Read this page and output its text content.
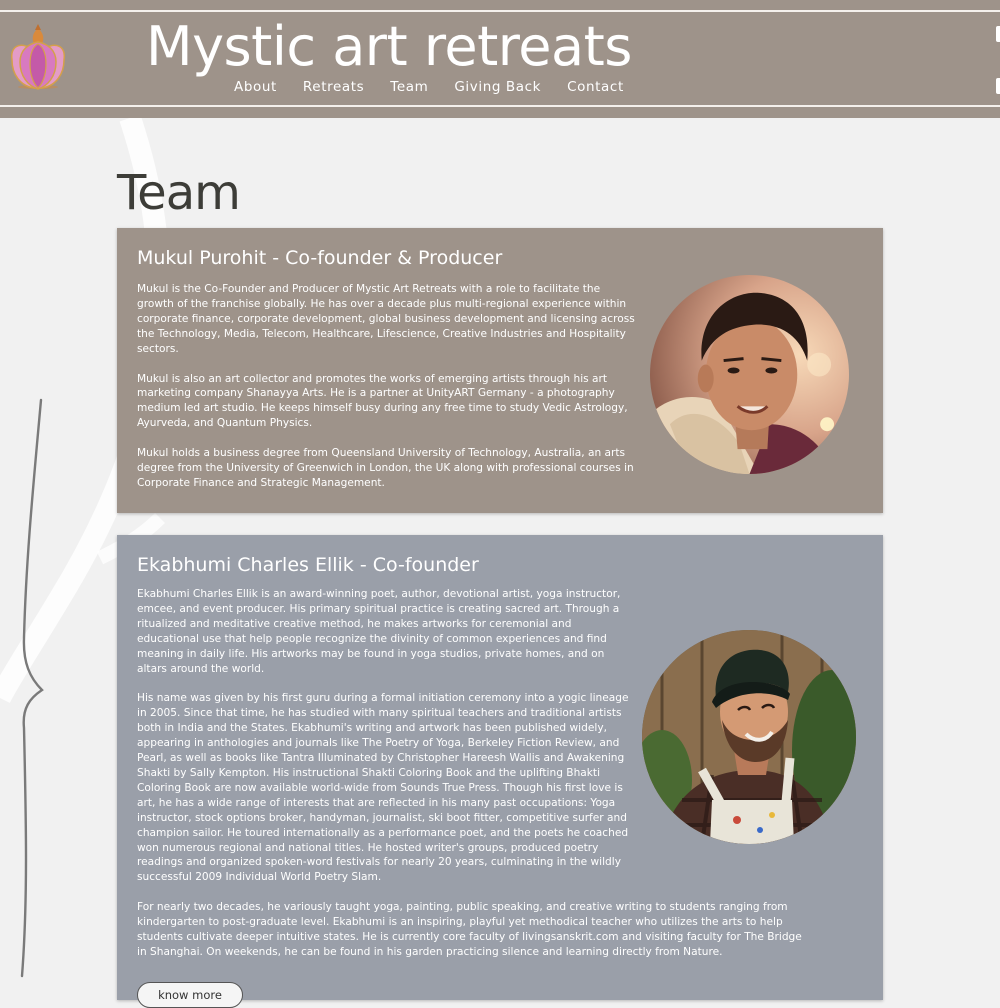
Mystic art retreats
About Retreats Team Giving Back Contact
Team
Mukul Purohit - Co-founder & Producer

Mukul is the Co-Founder and Producer of Mystic Art Retreats with a role to facilitate the growth of the franchise globally. He has over a decade plus multi-regional experience within corporate finance, corporate development, global business development and licensing across the Technology, Media, Telecom, Healthcare, Lifescience, Creative Industries and Hospitality sectors.

Mukul is also an art collector and promotes the works of emerging artists through his art marketing company Shanayya Arts. He is a partner at UnityART Germany - a photography medium led art studio. He keeps himself busy during any free time to study Vedic Astrology, Ayurveda, and Quantum Physics.

Mukul holds a business degree from Queensland University of Technology, Australia, an arts degree from the University of Greenwich in London, the UK along with professional courses in Corporate Finance and Strategic Management.

Ekabhumi Charles Ellik - Co-founder

Ekabhumi Charles Ellik is an award-winning poet, author, devotional artist, yoga instructor, emcee, and event producer. His primary spiritual practice is creating sacred art. Through a ritualized and meditative creative method, he makes artworks for ceremonial and educational use that help people recognize the divinity of common experiences and find meaning in daily life. His artworks may be found in yoga studios, private homes, and on altars around the world.

His name was given by his first guru during a formal initiation ceremony into a yogic lineage in 2005. Since that time, he has studied with many spiritual teachers and traditional artists both in India and the States. Ekabhumi's writing and artwork has been published widely, appearing in anthologies and journals like The Poetry of Yoga, Berkeley Fiction Review, and Pearl, as well as books like Tantra Illuminated by Christopher Hareesh Wallis and Awakening Shakti by Sally Kempton. His instructional Shakti Coloring Book and the uplifting Bhakti Coloring Book are now available world-wide from Sounds True Press. Though his first love is art, he has a wide range of interests that are reflected in his many past occupations: Yoga instructor, stock options broker, handyman, journalist, ski boot fitter, competitive surfer and champion sailor. He toured internationally as a performance poet, and the poets he coached won numerous regional and national titles. He hosted writer's groups, produced poetry readings and organized spoken-word festivals for nearly 20 years, culminating in the wildly successful 2009 Individual World Poetry Slam.

For nearly two decades, he variously taught yoga, painting, public speaking, and creative writing to students ranging from kindergarten to post-graduate level. Ekabhumi is an inspiring, playful yet methodical teacher who utilizes the arts to help students cultivate deeper intuitive states. He is currently core faculty of livingsanskrit.com and visiting faculty for The Bridge in Shanghai. On weekends, he can be found in his garden practicing silence and learning directly from Nature.

know more
